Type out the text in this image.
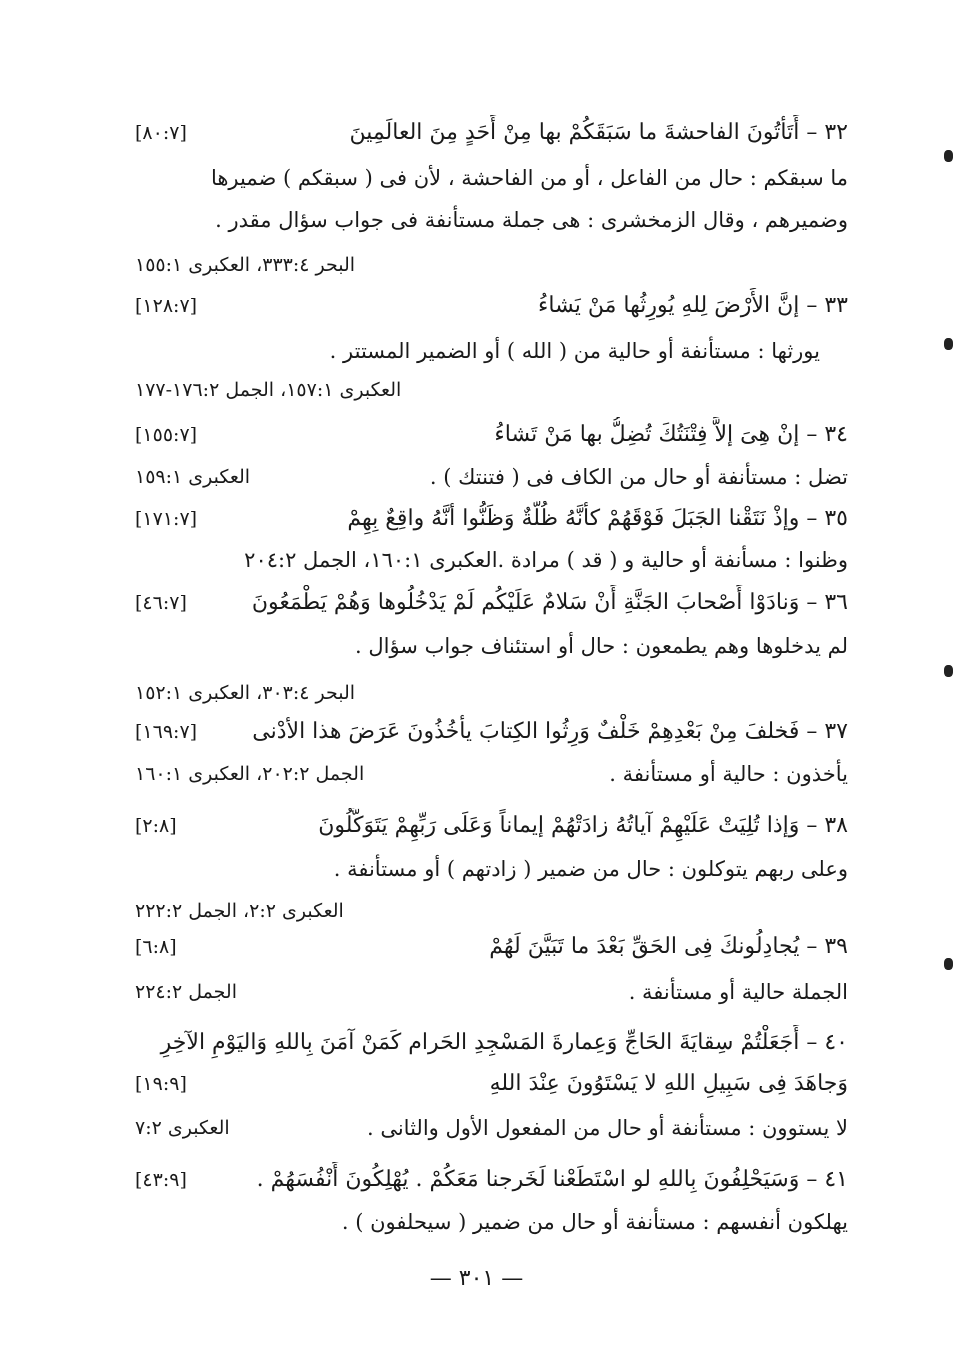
٣٢ – أَتَأْتُونَ الفاحشةَ ما سَبَقَكُمْ بها مِنْ أَحَدٍ مِنَ العالَمِينَ
[٨٠:٧]
ما سبقكم : حال من الفاعل ، أو من الفاحشة ، لأن فى ( سبقكم ) ضميرها
وضميرهم ، وقال الزمخشرى : هى جملة مستأنفة فى جواب سؤال مقدر .
البحر ٣٣٣:٤، العكبرى ١٥٥:١
٣٣ – إنَّ الأَرْضَ لِلهِ يُورِثُها مَنْ يَشاءُ
[١٢٨:٧]
يورثها : مستأنفة أو حالية من ( الله ) أو الضمير المستتر .
العكبرى ١٥٧:١، الجمل ١٧٦:٢-١٧٧
٣٤ – إنْ هِىَ إلاَّ فِتْنَتُكَ تُضِلُّ بها مَنْ تَشاءُ
[١٥٥:٧]
تضل : مستأنفة أو حال من الكاف فى ( فتنتك ) .
العكبرى ١٥٩:١
٣٥ – وإذْ نَتَقْنا الجَبَلَ فَوْقَهُمْ كأنَّهُ ظُلَّةٌ وَظَنُّوا أنَّهُ واقِعٌ بِهِمْ
[١٧١:٧]
وظنوا : مسأنفة أو حالية و ( قد ) مرادة .العكبرى ١٦٠:١، الجمل ٢٠٤:٢
٣٦ – وَنادَوْا أَصْحابَ الجَنَّةِ أَنْ سَلامٌ عَلَيْكُم لَمْ يَدْخُلُوها وَهُمْ يَطْمَعُونَ
[٤٦:٧]
لم يدخلوها وهم يطمعون : حال أو استئناف جواب سؤال .
البحر ٣٠٣:٤، العكبرى ١٥٢:١
٣٧ – فَخلفَ مِنْ بَعْدِهِمْ خَلْفٌ وَرِثُوا الكِتابَ يأْخُذُونَ عَرَضَ هذا الأدْنى
[١٦٩:٧]
يأخذون : حالية أو مستأنفة .
الجمل ٢٠٢:٢، العكبرى ١٦٠:١
٣٨ – وَإذا تُلِيَتْ عَلَيْهِمْ آياتُهُ زادَتْهُمْ إيماناً وَعَلَى رَبِّهِمْ يَتَوَكَّلُونَ
[٢:٨]
وعلى ربهم يتوكلون : حال من ضمير ( زادتهم ) أو مستأنفة .
العكبرى ٢:٢، الجمل ٢٢٢:٢
٣٩ – يُجادِلُونكَ فِى الحَقِّ بَعْدَ ما تَبَيَّنَ لَهُمْ
[٦:٨]
الجملة حالية أو مستأنفة .
الجمل ٢٢٤:٢
٤٠ – أَجَعَلْتُمْ سِقايَةَ الحَاجِّ وَعِمارةَ المَسْجِدِ الحَرام كَمَنْ آمَنَ بِاللهِ وَاليَوْمِ الآخِرِ
وَجاهَدَ فِى سَبِيلِ اللهِ لا يَسْتَوُونَ عِنْدَ اللهِ
[١٩:٩]
لا يستوون : مستأنفة أو حال من المفعول الأول والثانى .
العكبرى ٧:٢
٤١ – وَسَيَحْلِفُونَ بِاللهِ لو اسْتَطَعْنا لَخَرجنا مَعَكُمْ . يُهْلِكُونَ أَنْفُسَهُمْ .
[٤٣:٩]
يهلكون أنفسهم : مستأنفة أو حال من ضمير ( سيحلفون ) .
— ٣٠١ —
